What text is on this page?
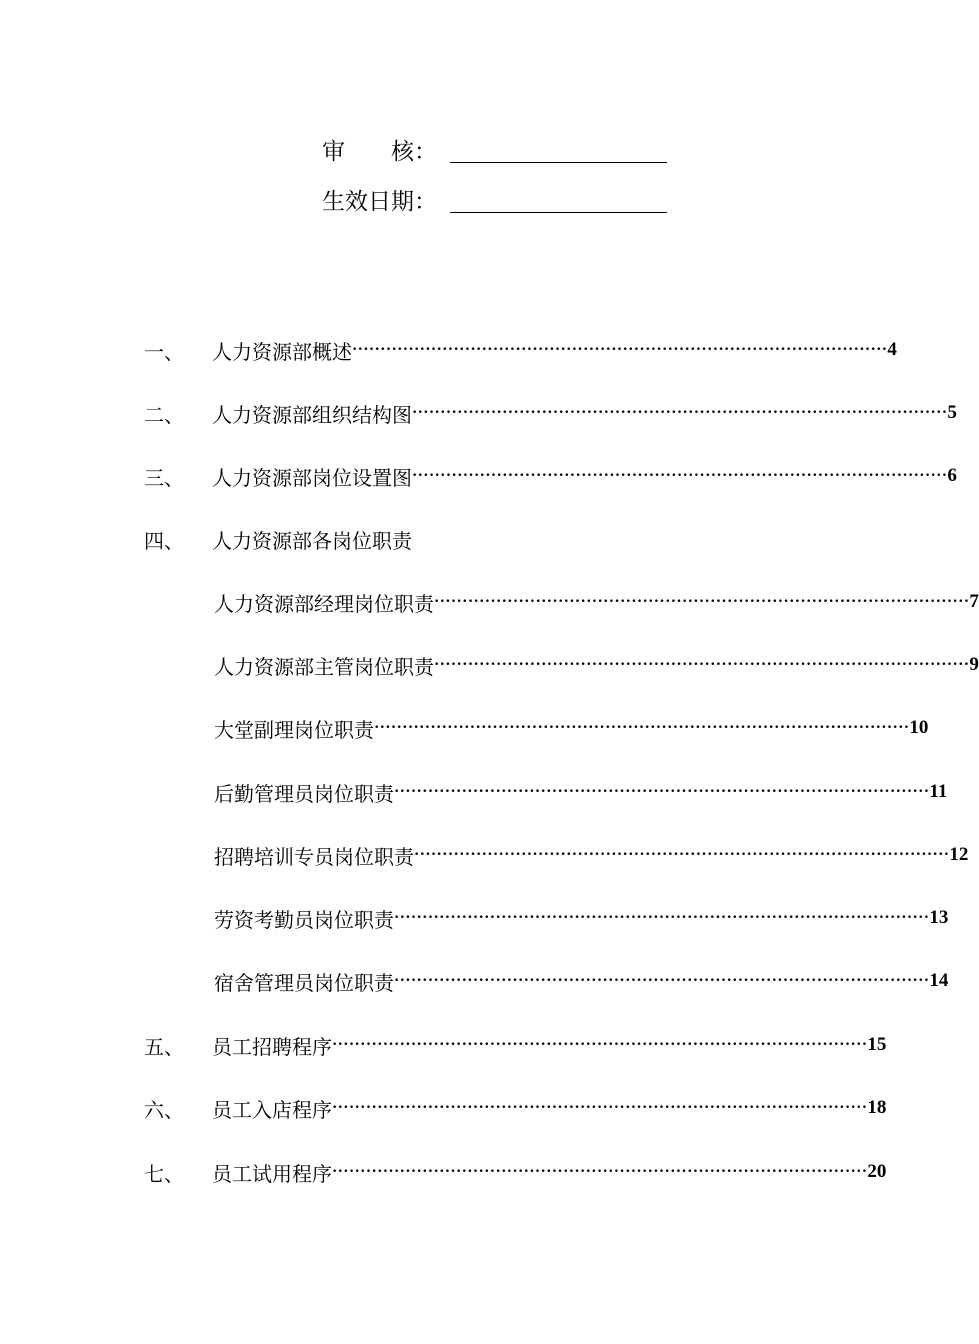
审　　核：
生效日期：
一、	人力资源部概述 ······························································································· 4
二、	人力资源部组织结构图 ······························································································· 5
三、	人力资源部岗位设置图 ······························································································· 6
四、	人力资源部各岗位职责
人力资源部经理岗位职责 ······························································································· 7
人力资源部主管岗位职责 ······························································································· 9
大堂副理岗位职责 ······························································································· 10
后勤管理员岗位职责 ······························································································· 11
招聘培训专员岗位职责 ······························································································· 12
劳资考勤员岗位职责 ······························································································· 13
宿舍管理员岗位职责 ······························································································· 14
五、	员工招聘程序 ······························································································· 15
六、	员工入店程序 ······························································································· 18
七、	员工试用程序 ······························································································· 20
